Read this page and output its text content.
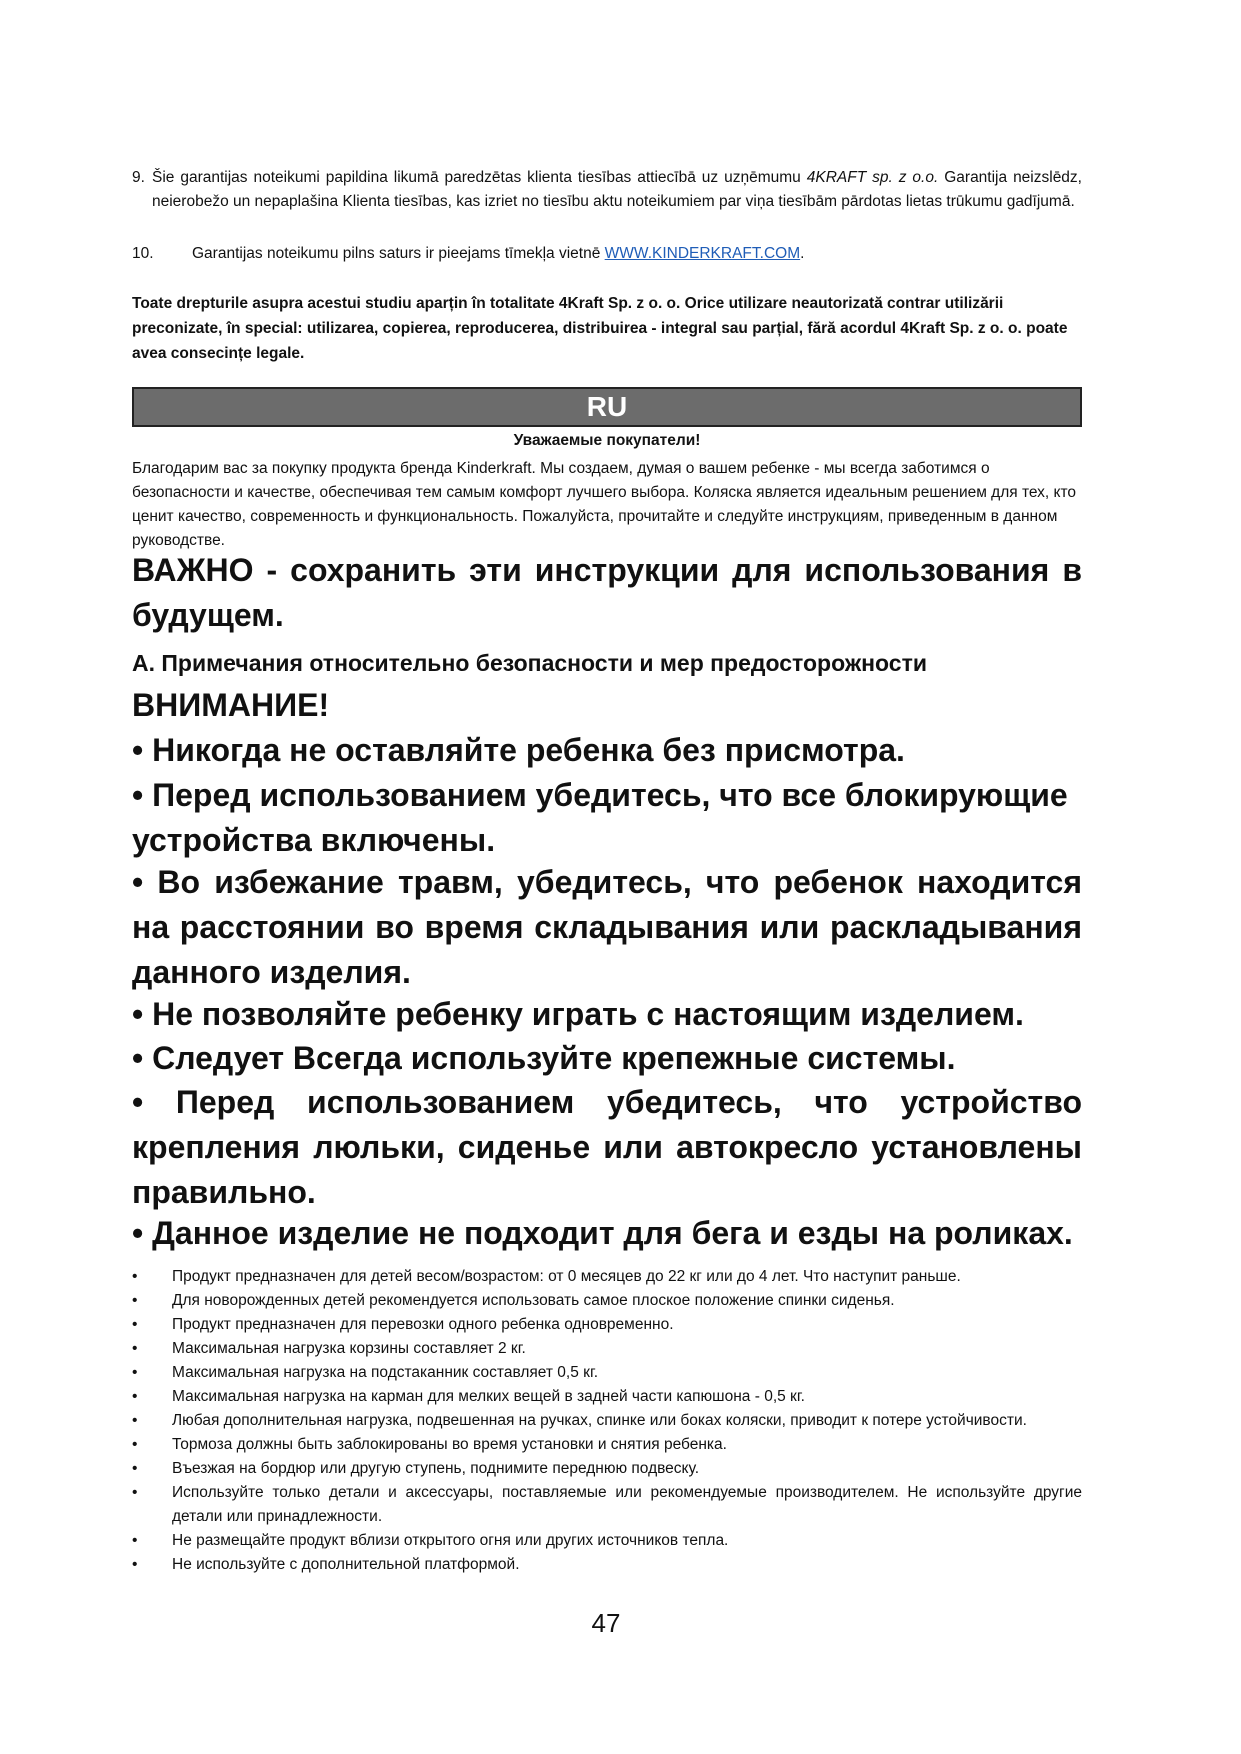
9. Šie garantijas noteikumi papildina likumā paredzētas klienta tiesības attiecībā uz uzņēmumu 4KRAFT sp. z o.o. Garantija neizslēdz, neierobežo un nepaplašina Klienta tiesības, kas izriet no tiesību aktu noteikumiem par viņa tiesībām pārdotas lietas trūkumu gadījumā.
10.	Garantijas noteikumu pilns saturs ir pieejams tīmekļa vietnē WWW.KINDERKRAFT.COM.
Toate drepturile asupra acestui studiu aparțin în totalitate 4Kraft Sp. z o. o. Orice utilizare neautorizată contrar utilizării preconizate, în special: utilizarea, copierea, reproducerea, distribuirea - integral sau parțial, fără acordul 4Kraft Sp. z o. o. poate avea consecințe legale.
RU
Уважаемые покупатели!
Благодарим вас за покупку продукта бренда Kinderkraft. Мы создаем, думая о вашем ребенке - мы всегда заботимся о безопасности и качестве, обеспечивая тем самым комфорт лучшего выбора. Коляска является идеальным решением для тех, кто ценит качество, современность и функциональность. Пожалуйста, прочитайте и следуйте инструкциям, приведенным в данном руководстве.
ВАЖНО - сохранить эти инструкции для использования в будущем.
A. Примечания относительно безопасности и мер предосторожности
ВНИМАНИЕ!
• Никогда не оставляйте ребенка без присмотра.
• Перед использованием убедитесь, что все блокирующие устройства включены.
• Во избежание травм, убедитесь, что ребенок находится на расстоянии во время складывания или раскладывания данного изделия.
• Не позволяйте ребенку играть с настоящим изделием.
• Следует Всегда используйте крепежные системы.
• Перед использованием убедитесь, что устройство крепления люльки, сиденье или автокресло установлены правильно.
• Данное изделие не подходит для бега и езды на роликах.
• Продукт предназначен для детей весом/возрастом: от 0 месяцев до 22 кг или до 4 лет. Что наступит раньше.
• Для новорожденных детей рекомендуется использовать самое плоское положение спинки сиденья.
• Продукт предназначен для перевозки одного ребенка одновременно.
• Максимальная нагрузка корзины составляет 2 кг.
• Максимальная нагрузка на подстаканник составляет 0,5 кг.
• Максимальная нагрузка на карман для мелких вещей в задней части капюшона - 0,5 кг.
• Любая дополнительная нагрузка, подвешенная на ручках, спинке или боках коляски, приводит к потере устойчивости.
• Тормоза должны быть заблокированы во время установки и снятия ребенка.
• Въезжая на бордюр или другую ступень, поднимите переднюю подвеску.
• Используйте только детали и аксессуары, поставляемые или рекомендуемые производителем. Не используйте другие детали или принадлежности.
• Не размещайте продукт вблизи открытого огня или других источников тепла.
• Не используйте с дополнительной платформой.
47
